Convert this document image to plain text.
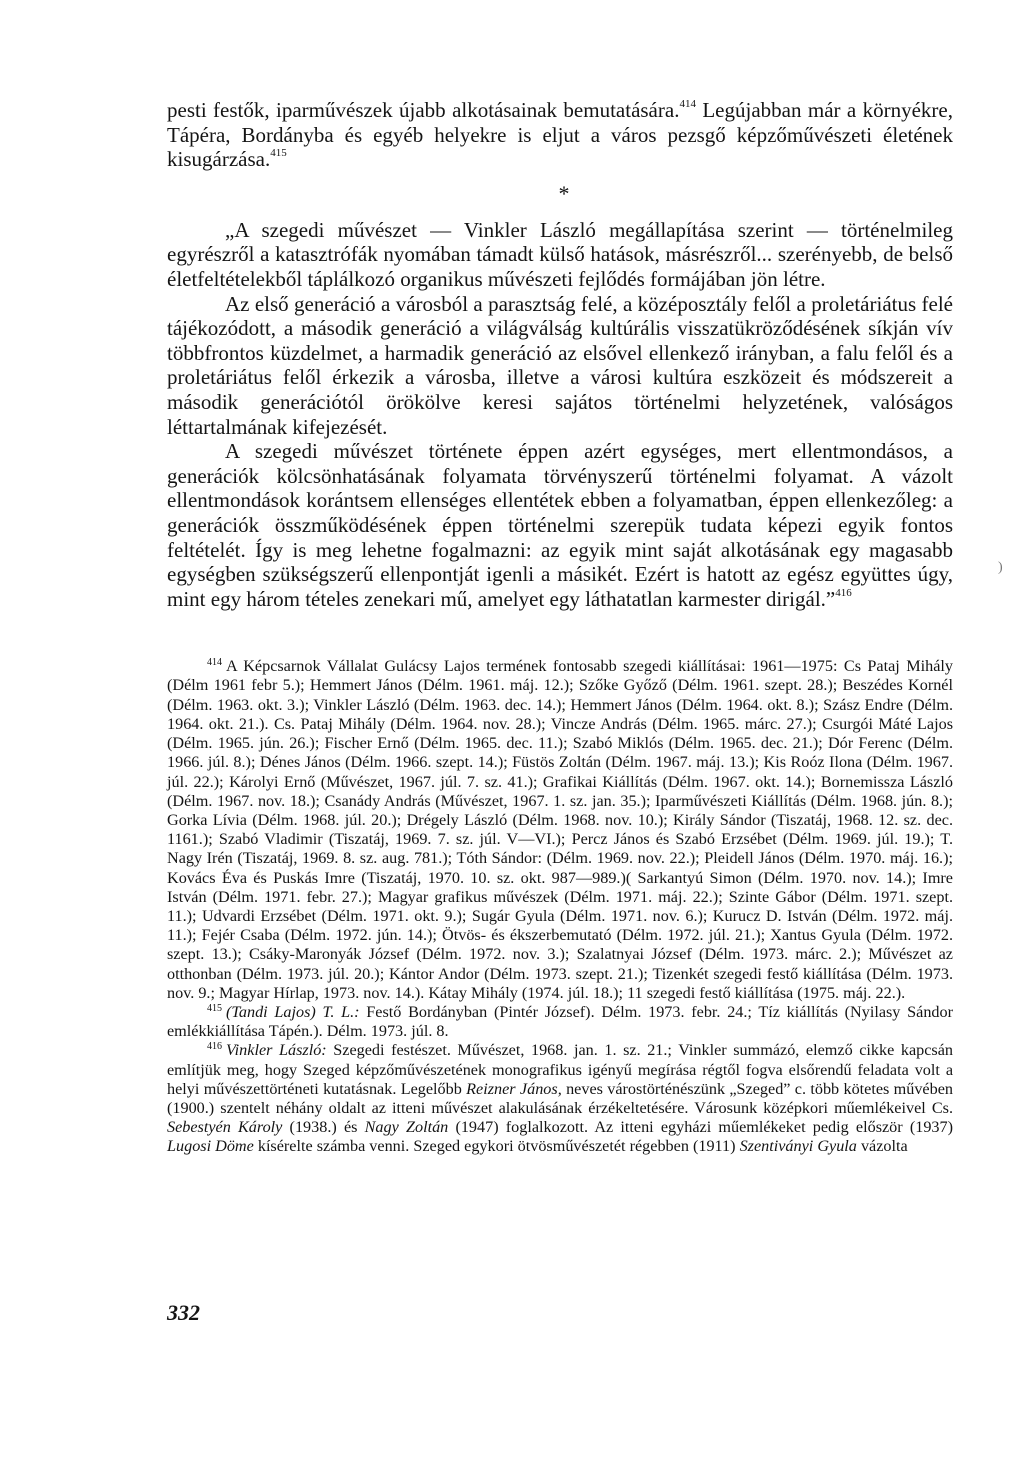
pesti festők, iparművészek újabb alkotásainak bemutatására.$^{414}$ Legújabban már a környékre, Tápéra, Bordányba és egyéb helyekre is eljut a város pezsgő képzőművészeti életének kisugárzása.$^{415}$

*

„A szegedi művészet — Vinkler László megállapítása szerint — történelmileg egyrészről a katasztrófák nyomában támadt külső hatások, másrészről... szerényebb, de belső életfeltételekből táplálkozó organikus művészeti fejlődés formájában jön létre.

Az első generáció a városból a parasztság felé, a középosztály felől a proletáriátus felé tájékozódott, a második generáció a világválság kultúrális visszatükröződésének síkján vív többfrontos küzdelmet, a harmadik generáció az elsővel ellenkező irányban, a falu felől és a proletáriátus felől érkezik a városba, illetve a városi kultúra eszközeit és módszereit a második generációtól örökölve keresi sajátos történelmi helyzetének, valóságos léttartalmának kifejezését.

A szegedi művészet története éppen azért egységes, mert ellentmondásos, a generációk kölcsönhatásának folyamata törvényszerű történelmi folyamat. A vázolt ellentmondások korántsem ellenséges ellentétek ebben a folyamatban, éppen ellenkezőleg: a generációk összműködésének éppen történelmi szerepük tudata képezi egyik fontos feltételét. Így is meg lehetne fogalmazni: az egyik mint saját alkotásának egy magasabb egységben szükségszerű ellenpontját igenli a másikét. Ezért is hatott az egész együttes úgy, mint egy három tételes zenekari mű, amelyet egy láthatatlan karmester dirigál.”$^{416}$

$^{414}$ A Képcsarnok Vállalat Gulácsy Lajos termének fontosabb szegedi kiállításai: 1961—1975: Cs Pataj Mihály (Délm 1961 febr 5.); Hemmert János (Délm. 1961. máj. 12.); Szőke Győző (Délm. 1961. szept. 28.); Beszédes Kornél (Délm. 1963. okt. 3.); Vinkler László (Délm. 1963. dec. 14.); Hemmert János (Délm. 1964. okt. 8.); Szász Endre (Délm. 1964. okt. 21.). Cs. Pataj Mihály (Délm. 1964. nov. 28.); Vincze András (Délm. 1965. márc. 27.); Csurgói Máté Lajos (Délm. 1965. jún. 26.); Fischer Ernő (Délm. 1965. dec. 11.); Szabó Miklós (Délm. 1965. dec. 21.); Dór Ferenc (Délm. 1966. júl. 8.); Dénes János (Délm. 1966. szept. 14.); Füstös Zoltán (Délm. 1967. máj. 13.); Kis Roóz Ilona (Délm. 1967. júl. 22.); Károlyi Ernő (Művészet, 1967. júl. 7. sz. 41.); Grafikai Kiállítás (Délm. 1967. okt. 14.); Bornemissza László (Délm. 1967. nov. 18.); Csanády András (Művészet, 1967. 1. sz. jan. 35.); Iparművészeti Kiállítás (Délm. 1968. jún. 8.); Gorka Lívia (Délm. 1968. júl. 20.); Drégely László (Délm. 1968. nov. 10.); Király Sándor (Tiszatáj, 1968. 12. sz. dec. 1161.); Szabó Vladimir (Tiszatáj, 1969. 7. sz. júl. V—VI.); Percz János és Szabó Erzsébet (Délm. 1969. júl. 19.); T. Nagy Irén (Tiszatáj, 1969. 8. sz. aug. 781.); Tóth Sándor: (Délm. 1969. nov. 22.); Pleidell János (Délm. 1970. máj. 16.); Kovács Éva és Puskás Imre (Tiszatáj, 1970. 10. sz. okt. 987—989.)( Sarkantyú Simon (Délm. 1970. nov. 14.); Imre István (Délm. 1971. febr. 27.); Magyar grafikus művészek (Délm. 1971. máj. 22.); Szinte Gábor (Délm. 1971. szept. 11.); Udvardi Erzsébet (Délm. 1971. okt. 9.); Sugár Gyula (Délm. 1971. nov. 6.); Kurucz D. István (Délm. 1972. máj. 11.); Fejér Csaba (Délm. 1972. jún. 14.); Ötvös- és ékszerbemutató (Délm. 1972. júl. 21.); Xantus Gyula (Délm. 1972. szept. 13.); Csáky-Maronyák József (Délm. 1972. nov. 3.); Szalatnyai József (Délm. 1973. márc. 2.); Művészet az otthonban (Délm. 1973. júl. 20.); Kántor Andor (Délm. 1973. szept. 21.); Tizenkét szegedi festő kiállítása (Délm. 1973. nov. 9.; Magyar Hírlap, 1973. nov. 14.). Kátay Mihály (1974. júl. 18.); 11 szegedi festő kiállítása (1975. máj. 22.).

$^{415}$ (Tandi Lajos) T. L.: Festő Bordányban (Pintér József). Délm. 1973. febr. 24.; Tíz kiállítás (Nyilasy Sándor emlékkiállítása Tápén.). Délm. 1973. júl. 8.

$^{416}$ Vinkler László: Szegedi festészet. Művészet, 1968. jan. 1. sz. 21.; Vinkler summázó, elemző cikke kapcsán említjük meg, hogy Szeged képzőművészetének monografikus igényű megírása régtől fogva elsőrendű feladata volt a helyi művészettörténeti kutatásnak. Legelőbb Reizner János, neves várostörténészünk „Szeged” c. több kötetes művében (1900.) szentelt néhány oldalt az itteni művészet alakulásának érzékeltetésére. Városunk középkori műemlékeivel Cs. Sebestyén Károly (1938.) és Nagy Zoltán (1947) foglalkozott. Az itteni egyházi műemlékeket pedig először (1937) Lugosi Döme kísérelte számba venni. Szeged egykori ötvösművészetét régebben (1911) Szentiványi Gyula vázolta

332
)
